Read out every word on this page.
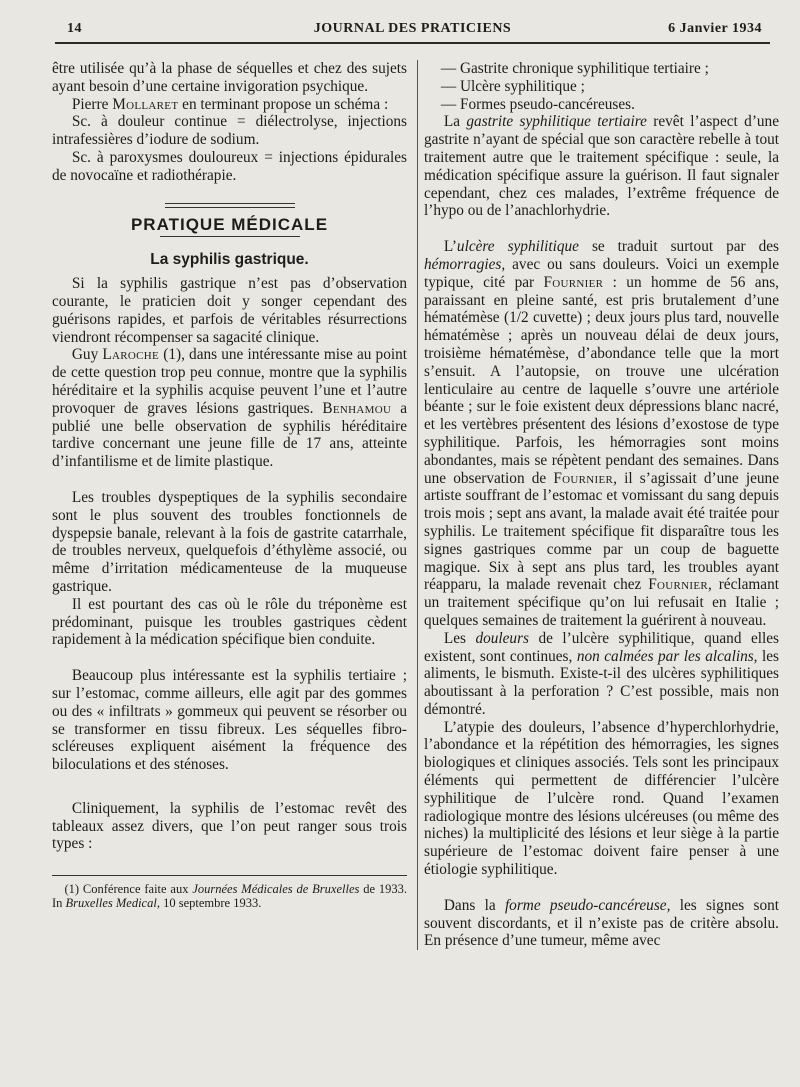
14	JOURNAL DES PRATICIENS	6 Janvier 1934

être utilisée qu’à la phase de séquelles et chez des sujets ayant besoin d’une certaine invigoration psychique.

Pierre Mollaret en terminant propose un schéma :

Sc. à douleur continue = diélectrolyse, injections intrafessières d’iodure de sodium.

Sc. à paroxysmes douloureux = injections épidurales de novocaïne et radiothérapie.

PRATIQUE MÉDICALE
La syphilis gastrique.

Si la syphilis gastrique n’est pas d’observation courante, le praticien doit y songer cependant des guérisons rapides, et parfois de véritables résurrections viendront récompenser sa sagacité clinique.

Guy Laroche (1), dans une intéressante mise au point de cette question trop peu connue, montre que la syphilis héréditaire et la syphilis acquise peuvent l’une et l’autre provoquer de graves lésions gastriques. Benhamou a publié une belle observation de syphilis héréditaire tardive concernant une jeune fille de 17 ans, atteinte d’infantilisme et de limite plastique.

Les troubles dyspeptiques de la syphilis secondaire sont le plus souvent des troubles fonctionnels de dyspepsie banale, relevant à la fois de gastrite catarrhale, de troubles nerveux, quelquefois d’éthylème associé, ou même d’irritation médicamenteuse de la muqueuse gastrique.

Il est pourtant des cas où le rôle du tréponème est prédominant, puisque les troubles gastriques cèdent rapidement à la médication spécifique bien conduite.

Beaucoup plus intéressante est la syphilis tertiaire ; sur l’estomac, comme ailleurs, elle agit par des gommes ou des « infiltrats » gommeux qui peuvent se résorber ou se transformer en tissu fibreux. Les séquelles fibro-scléreuses expliquent aisément la fréquence des biloculations et des sténoses.

Cliniquement, la syphilis de l’estomac revêt des tableaux assez divers, que l’on peut ranger sous trois types :

(1) Conférence faite aux Journées Médicales de Bruxelles de 1933. In Bruxelles Medical, 10 septembre 1933.

— Gastrite chronique syphilitique tertiaire ;

— Ulcère syphilitique ;

— Formes pseudo-cancéreuses.

La gastrite syphilitique tertiaire revêt l’aspect d’une gastrite n’ayant de spécial que son caractère rebelle à tout traitement autre que le traitement spécifique : seule, la médication spécifique assure la guérison. Il faut signaler cependant, chez ces malades, l’extrême fréquence de l’hypo ou de l’anachlorhydrie.

L’ulcère syphilitique se traduit surtout par des hémorragies, avec ou sans douleurs. Voici un exemple typique, cité par Fournier : un homme de 56 ans, paraissant en pleine santé, est pris brutalement d’une hématémèse (1/2 cuvette) ; deux jours plus tard, nouvelle hématémèse ; après un nouveau délai de deux jours, troisième hématémèse, d’abondance telle que la mort s’ensuit. A l’autopsie, on trouve une ulcération lenticulaire au centre de laquelle s’ouvre une artériole béante ; sur le foie existent deux dépressions blanc nacré, et les vertèbres présentent des lésions d’exostose de type syphilitique. Parfois, les hémorragies sont moins abondantes, mais se répètent pendant des semaines. Dans une observation de Fournier, il s’agissait d’une jeune artiste souffrant de l’estomac et vomissant du sang depuis trois mois ; sept ans avant, la malade avait été traitée pour syphilis. Le traitement spécifique fit disparaître tous les signes gastriques comme par un coup de baguette magique. Six à sept ans plus tard, les troubles ayant réapparu, la malade revenait chez Fournier, réclamant un traitement spécifique qu’on lui refusait en Italie ; quelques semaines de traitement la guérirent à nouveau.

Les douleurs de l’ulcère syphilitique, quand elles existent, sont continues, non calmées par les alcalins, les aliments, le bismuth. Existe-t-il des ulcères syphilitiques aboutissant à la perforation ? C’est possible, mais non démontré.

L’atypie des douleurs, l’absence d’hyperchlorhydrie, l’abondance et la répétition des hémorragies, les signes biologiques et cliniques associés. Tels sont les principaux éléments qui permettent de différencier l’ulcère syphilitique de l’ulcère rond. Quand l’examen radiologique montre des lésions ulcéreuses (ou même des niches) la multiplicité des lésions et leur siège à la partie supérieure de l’estomac doivent faire penser à une étiologie syphilitique.

Dans la forme pseudo-cancéreuse, les signes sont souvent discordants, et il n’existe pas de critère absolu. En présence d’une tumeur, même avec
